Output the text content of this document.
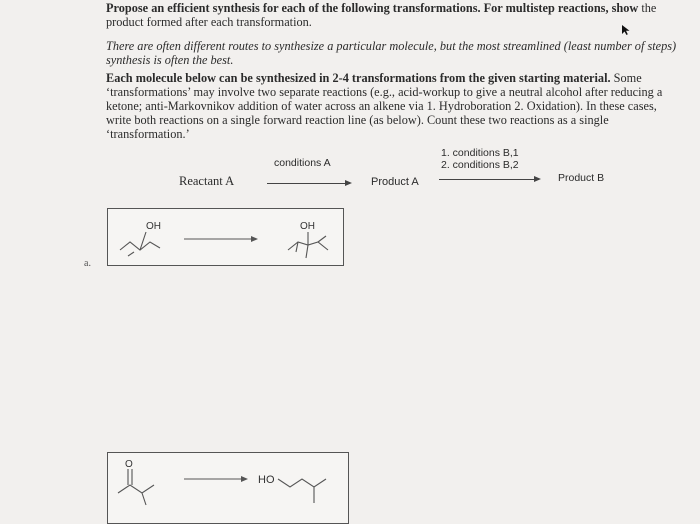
Propose an efficient synthesis for each of the following transformations. For multistep reactions, show the product formed after each transformation.
There are often different routes to synthesize a particular molecule, but the most streamlined (least number of steps) synthesis is often the best.
Each molecule below can be synthesized in 2-4 transformations from the given starting material. Some ‘transformations’ may involve two separate reactions (e.g., acid-workup to give a neutral alcohol after reducing a ketone; anti-Markovnikov addition of water across an alkene via 1. Hydroboration 2. Oxidation). In these cases, write both reactions on a single forward reaction line (as below). Count these two reactions as a single ‘transformation.’
Reactant A
conditions A
Product A
1. conditions B,1
2. conditions B,2
Product B
a.
OH	OH
O
HO
